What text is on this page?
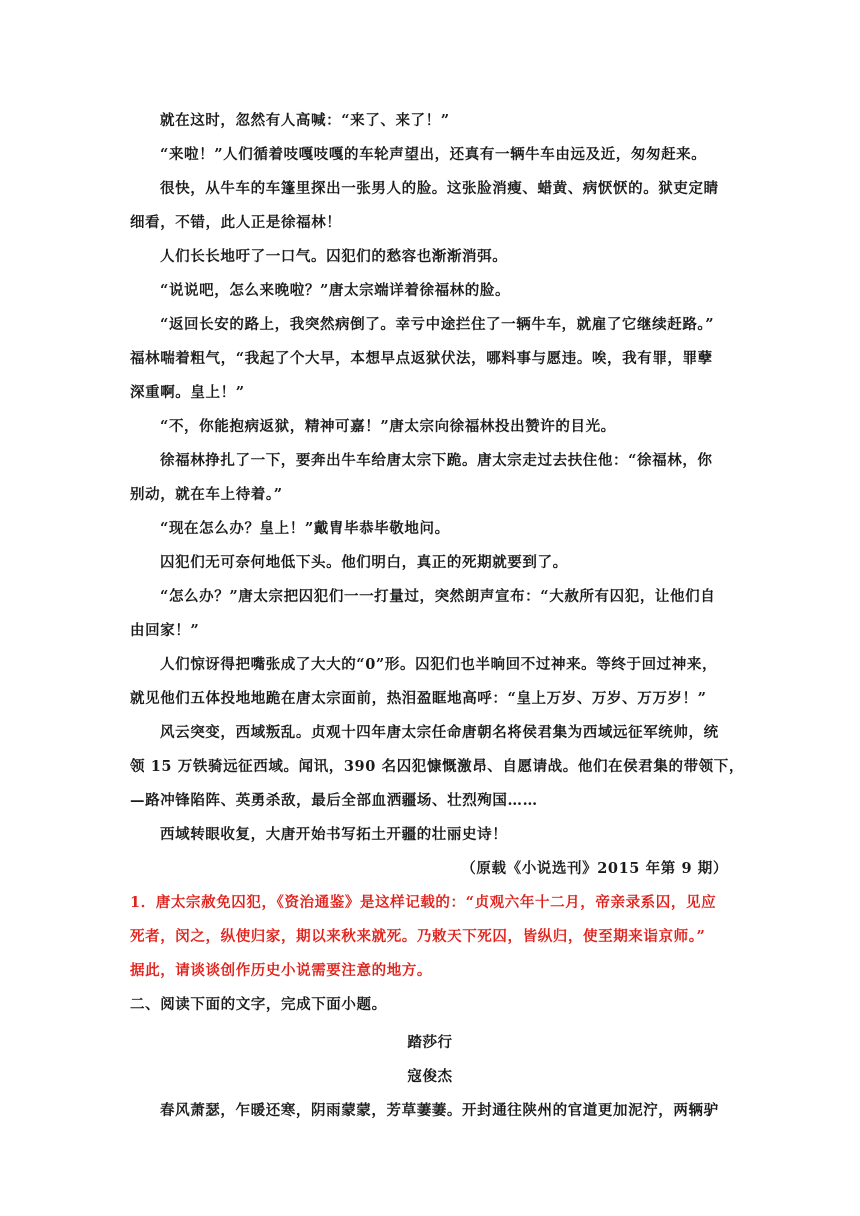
就在这时，忽然有人高喊：“来了、来了！”
“来啦！”人们循着吱嘎吱嘎的车轮声望出，还真有一辆牛车由远及近，匆匆赶来。
很快，从牛车的车篷里探出一张男人的脸。这张脸消瘦、蜡黄、病恹恹的。狱吏定睛
细看，不错，此人正是徐福林！
人们长长地吁了一口气。囚犯们的愁容也渐渐消弭。
“说说吧，怎么来晚啦？”唐太宗端详着徐福林的脸。
“返回长安的路上，我突然病倒了。幸亏中途拦住了一辆牛车，就雇了它继续赶路。”
福林喘着粗气，“我起了个大早，本想早点返狱伏法，哪料事与愿违。唉，我有罪，罪孽
深重啊。皇上！”
“不，你能抱病返狱，精神可嘉！”唐太宗向徐福林投出赞许的目光。
徐福林挣扎了一下，要奔出牛车给唐太宗下跪。唐太宗走过去扶住他：“徐福林，你
别动，就在车上待着。”
“现在怎么办？皇上！”戴胄毕恭毕敬地问。
囚犯们无可奈何地低下头。他们明白，真正的死期就要到了。
“怎么办？”唐太宗把囚犯们一一打量过，突然朗声宣布：“大赦所有囚犯，让他们自
由回家！”
人们惊讶得把嘴张成了大大的“0”形。囚犯们也半晌回不过神来。等终于回过神来，
就见他们五体投地地跪在唐太宗面前，热泪盈眶地高呼：“皇上万岁、万岁、万万岁！”
风云突变，西域叛乱。贞观十四年唐太宗任命唐朝名将侯君集为西域远征军统帅，统
领 15 万铁骑远征西域。闻讯，390 名囚犯慷慨激昂、自愿请战。他们在侯君集的带领下，
—路冲锋陷阵、英勇杀敌，最后全部血洒疆场、壮烈殉国……
西域转眼收复，大唐开始书写拓土开疆的壮丽史诗！
（原载《小说选刊》2015 年第 9 期）
1．唐太宗赦免囚犯，《资治通鉴》是这样记载的：“贞观六年十二月，帝亲录系囚，见应
死者，闵之，纵使归家，期以来秋来就死。乃敕天下死囚，皆纵归，使至期来诣京师。”
据此，请谈谈创作历史小说需要注意的地方。
二、阅读下面的文字，完成下面小题。
踏莎行
寇俊杰
春风萧瑟，乍暖还寒，阴雨蒙蒙，芳草萋萋。开封通往陕州的官道更加泥泞，两辆驴
